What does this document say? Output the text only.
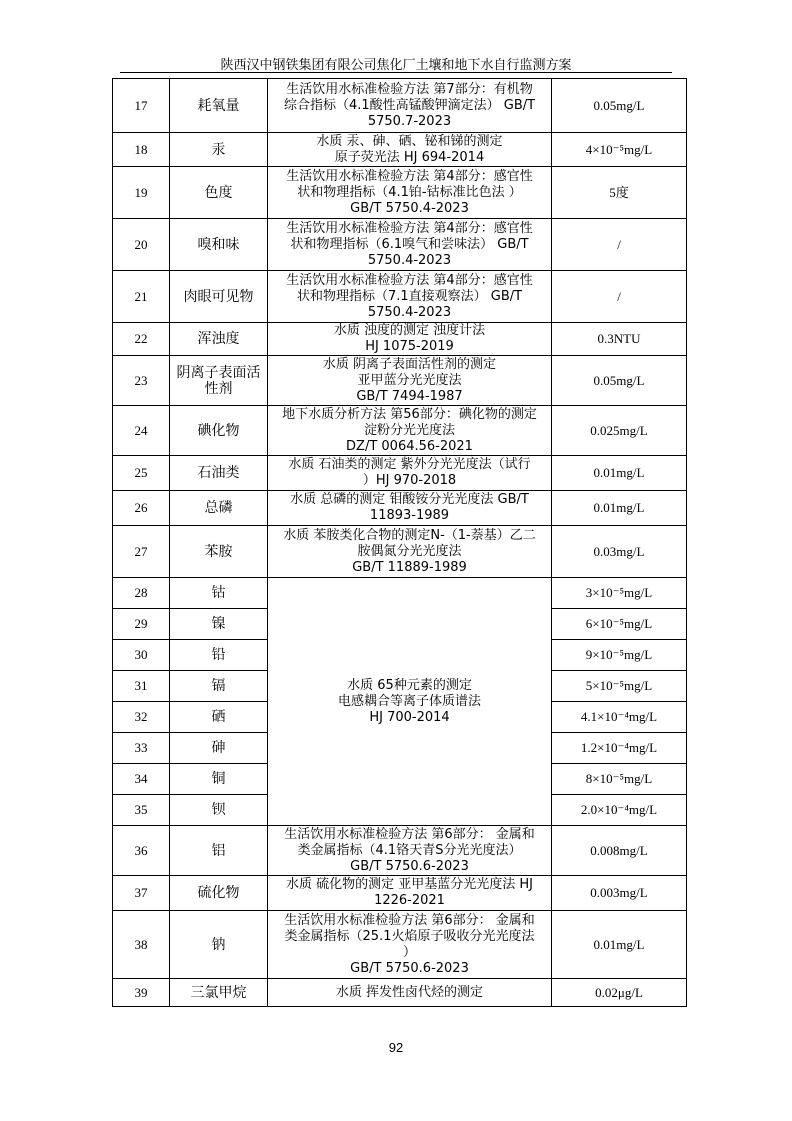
陕西汉中钢铁集团有限公司焦化厂土壤和地下水自行监测方案
17	耗氧量	生活饮用水标准检验方法 第7部分：有机物
综合指标（4.1酸性高锰酸钾滴定法） GB/T
5750.7-2023	0.05mg/L
18	汞	水质 汞、砷、硒、铋和锑的测定
原子荧光法 HJ 694-2014	4×10⁻⁵mg/L
19	色度	生活饮用水标准检验方法 第4部分：感官性
状和物理指标（4.1铂-钴标准比色法 ）
GB/T 5750.4-2023	5度
20	嗅和味	生活饮用水标准检验方法 第4部分：感官性
状和物理指标（6.1嗅气和尝味法） GB/T
5750.4-2023	/
21	肉眼可见物	生活饮用水标准检验方法 第4部分：感官性
状和物理指标（7.1直接观察法） GB/T
5750.4-2023	/
22	浑浊度	水质 浊度的测定 浊度计法
HJ 1075-2019	0.3NTU
23	阴离子表面活性剂	水质 阴离子表面活性剂的测定
亚甲蓝分光光度法
GB/T 7494-1987	0.05mg/L
24	碘化物	地下水质分析方法 第56部分：碘化物的测定
淀粉分光光度法
DZ/T 0064.56-2021	0.025mg/L
25	石油类	水质 石油类的测定 紫外分光光度法（试行
）HJ 970-2018	0.01mg/L
26	总磷	水质 总磷的测定 钼酸铵分光光度法 GB/T
11893-1989	0.01mg/L
27	苯胺	水质 苯胺类化合物的测定N-（1-萘基）乙二
胺偶氮分光光度法
GB/T 11889-1989	0.03mg/L
28	钴	水质 65种元素的测定
电感耦合等离子体质谱法
HJ 700-2014	3×10⁻⁵mg/L
29	镍		6×10⁻⁵mg/L
30	铅		9×10⁻⁵mg/L
31	镉		5×10⁻⁵mg/L
32	硒		4.1×10⁻⁴mg/L
33	砷		1.2×10⁻⁴mg/L
34	铜		8×10⁻⁵mg/L
35	钡		2.0×10⁻⁴mg/L
36	铝	生活饮用水标准检验方法 第6部分： 金属和
类金属指标（4.1铬天青S分光光度法）
GB/T 5750.6-2023	0.008mg/L
37	硫化物	水质 硫化物的测定 亚甲基蓝分光光度法 HJ
1226-2021	0.003mg/L
38	钠	生活饮用水标准检验方法 第6部分： 金属和
类金属指标（25.1火焰原子吸收分光光度法
）
GB/T 5750.6-2023	0.01mg/L
39	三氯甲烷	水质 挥发性卤代烃的测定	0.02μg/L
92
